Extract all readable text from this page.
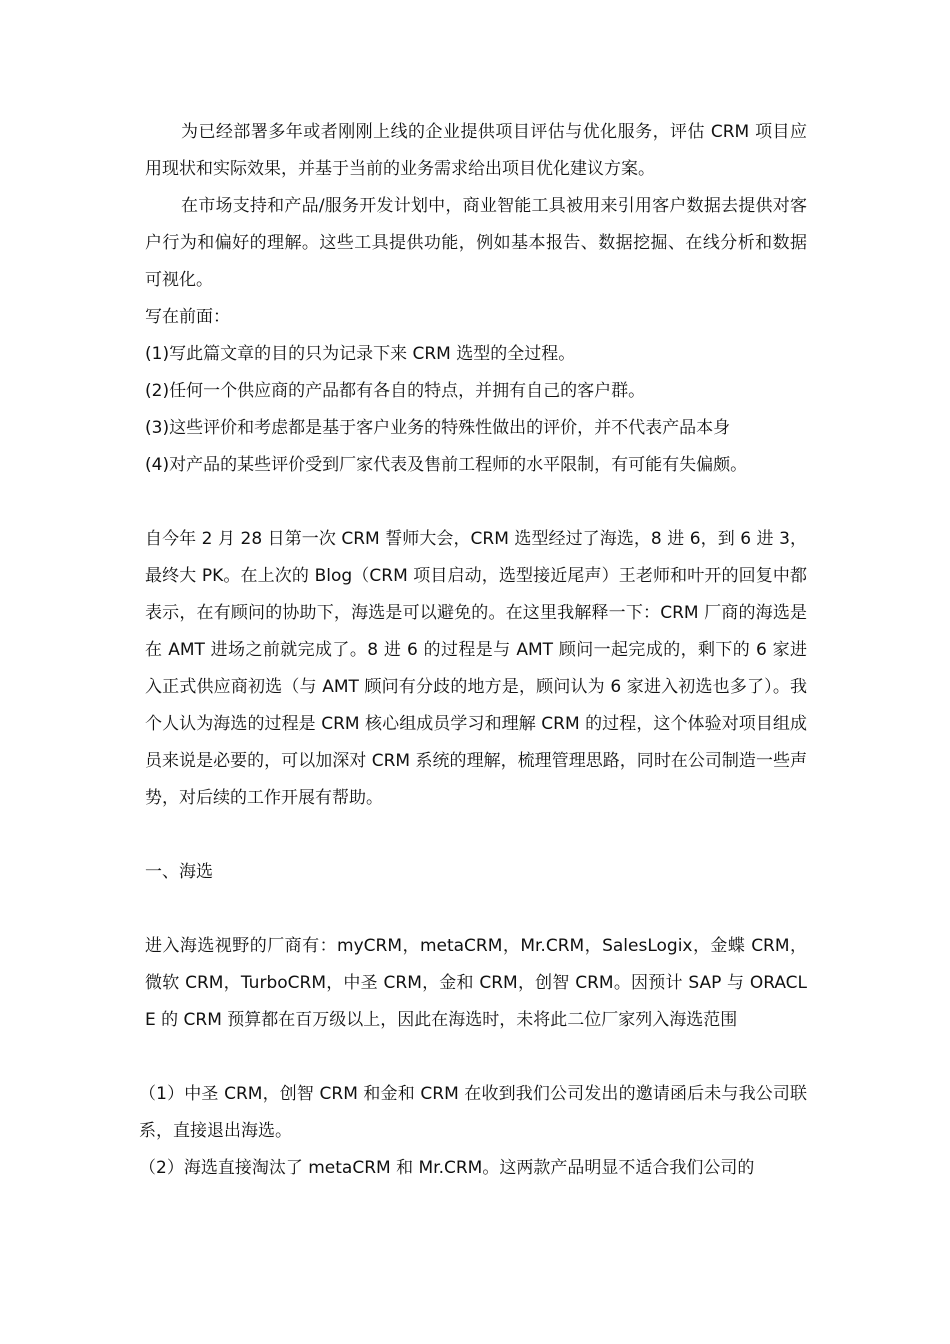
为已经部署多年或者刚刚上线的企业提供项目评估与优化服务，评估 CRM 项目应用现状和实际效果，并基于当前的业务需求给出项目优化建议方案。

在市场支持和产品/服务开发计划中，商业智能工具被用来引用客户数据去提供对客户行为和偏好的理解。这些工具提供功能，例如基本报告、数据挖掘、在线分析和数据可视化。

写在前面：

(1)写此篇文章的目的只为记录下来 CRM 选型的全过程。

(2)任何一个供应商的产品都有各自的特点，并拥有自己的客户群。

(3)这些评价和考虑都是基于客户业务的特殊性做出的评价，并不代表产品本身

(4)对产品的某些评价受到厂家代表及售前工程师的水平限制，有可能有失偏颇。

自今年 2 月 28 日第一次 CRM 誓师大会，CRM 选型经过了海选，8 进 6，到 6 进 3，最终大 PK。在上次的 Blog（CRM 项目启动，选型接近尾声）王老师和叶开的回复中都表示，在有顾问的协助下，海选是可以避免的。在这里我解释一下：CRM 厂商的海选是在 AMT 进场之前就完成了。8 进 6 的过程是与 AMT 顾问一起完成的，剩下的 6 家进入正式供应商初选（与 AMT 顾问有分歧的地方是，顾问认为 6 家进入初选也多了）。我个人认为海选的过程是 CRM 核心组成员学习和理解 CRM 的过程，这个体验对项目组成员来说是必要的，可以加深对 CRM 系统的理解，梳理管理思路，同时在公司制造一些声势，对后续的工作开展有帮助。

一、海选

进入海选视野的厂商有：myCRM，metaCRM，Mr.CRM，SalesLogix，金蝶 CRM，微软 CRM，TurboCRM，中圣 CRM，金和 CRM，创智 CRM。因预计 SAP 与 ORACLE 的 CRM 预算都在百万级以上，因此在海选时，未将此二位厂家列入海选范围

（1）中圣 CRM，创智 CRM 和金和 CRM 在收到我们公司发出的邀请函后未与我公司联系，直接退出海选。

（2）海选直接淘汰了 metaCRM 和 Mr.CRM。这两款产品明显不适合我们公司的
